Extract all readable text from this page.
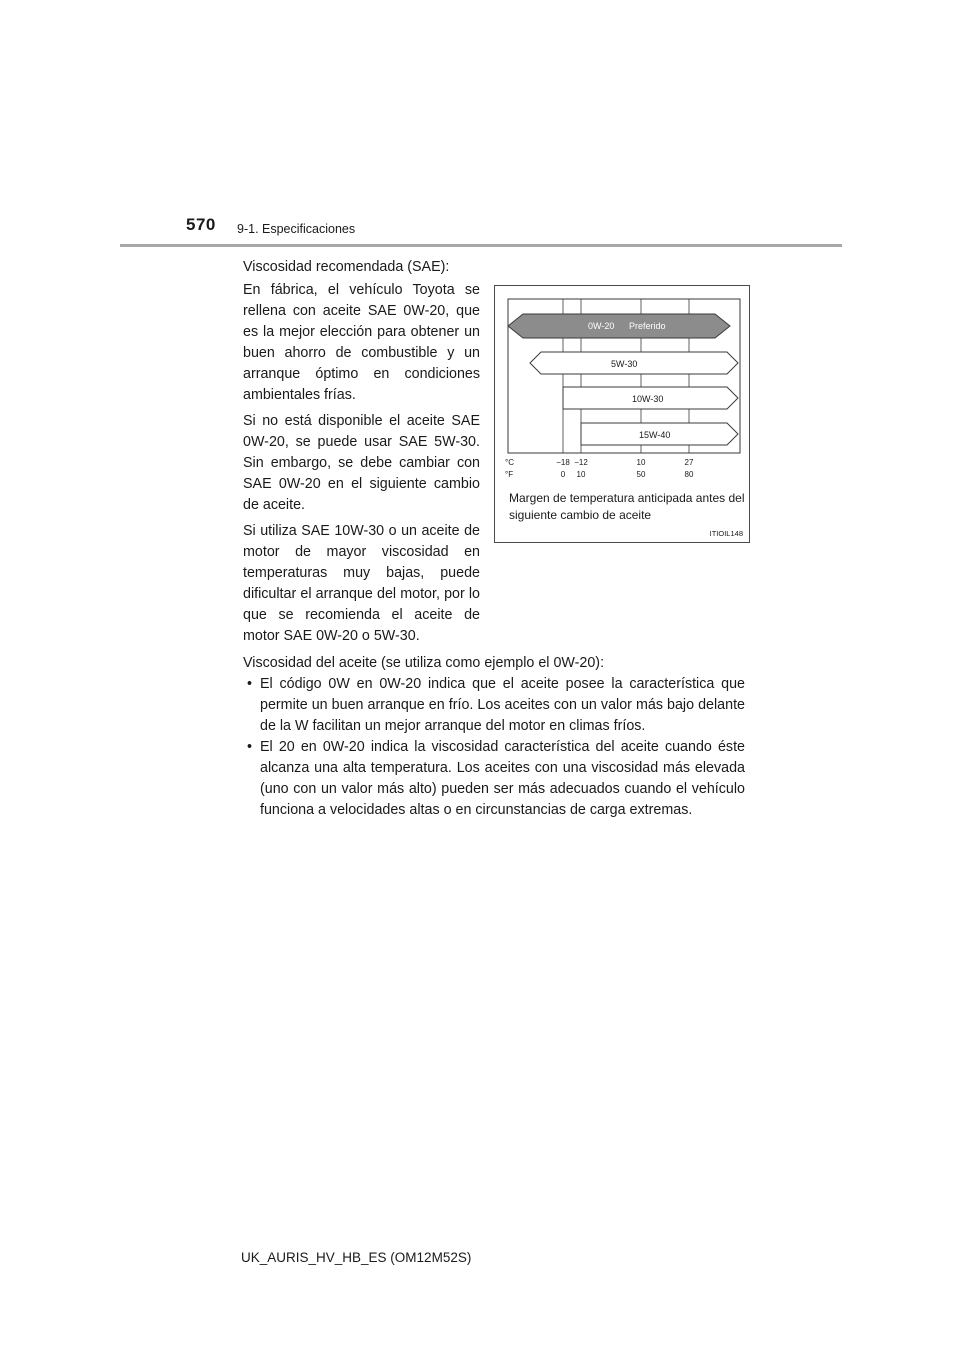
570 9-1. Especificaciones
Viscosidad recomendada (SAE):

En fábrica, el vehículo Toyota se rellena con aceite SAE 0W-20, que es la mejor elección para obtener un buen ahorro de combustible y un arranque óptimo en condiciones ambientales frías.

Si no está disponible el aceite SAE 0W-20, se puede usar SAE 5W-30. Sin embargo, se debe cambiar con SAE 0W-20 en el siguiente cambio de aceite.

Si utiliza SAE 10W-30 o un aceite de motor de mayor viscosidad en temperaturas muy bajas, puede dificultar el arranque del motor, por lo que se recomienda el aceite de motor SAE 0W-20 o 5W-30.

0W-20 Preferido
5W-30
10W-30
15W-40
°C
°F
−18 −12	10	27
0 10	50	80
Margen de temperatura anticipada antes del siguiente cambio de aceite
ITIOIL148

Viscosidad del aceite (se utiliza como ejemplo el 0W-20):

• El código 0W en 0W-20 indica que el aceite posee la característica que permite un buen arranque en frío. Los aceites con un valor más bajo delante de la W facilitan un mejor arranque del motor en climas fríos.
• El 20 en 0W-20 indica la viscosidad característica del aceite cuando éste alcanza una alta temperatura. Los aceites con una viscosidad más elevada (uno con un valor más alto) pueden ser más adecuados cuando el vehículo funciona a velocidades altas o en circunstancias de carga extremas.
UK_AURIS_HV_HB_ES (OM12M52S)
